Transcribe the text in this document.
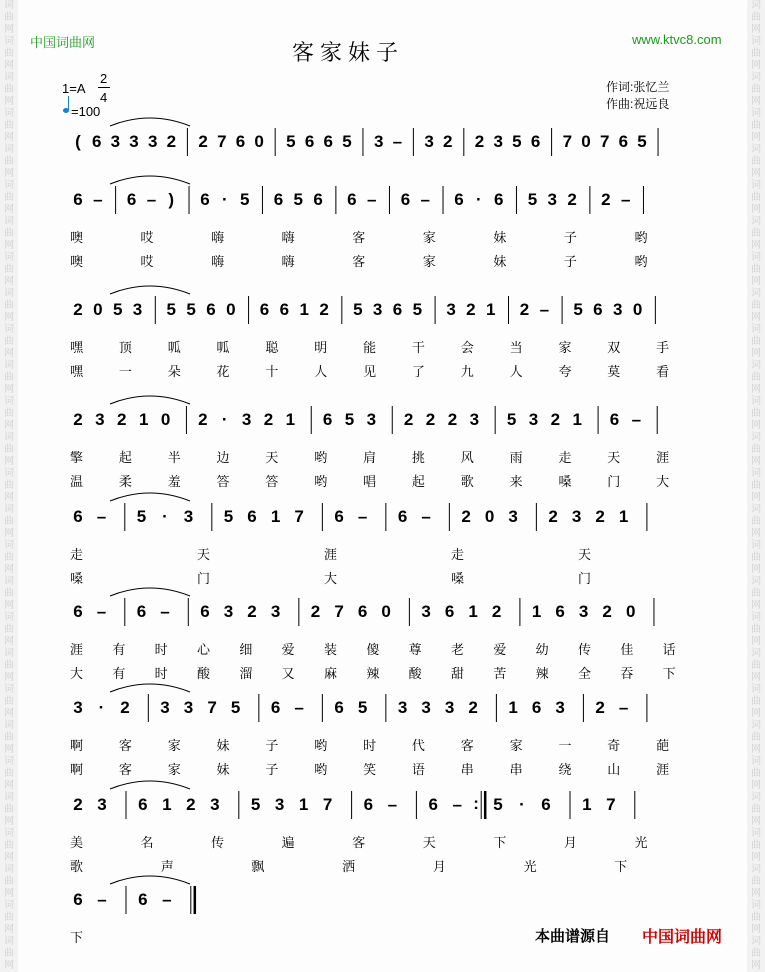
词
曲
网
词
曲
网
词
曲
网
词
曲
网
词
曲
网
词
曲
网
词
曲
网
词
曲
网
词
曲
网
词
曲
网
词
曲
网
词
曲
网
词
曲
网
词
曲
网
词
曲
网
词
曲
网
词
曲
网
词
曲
网
词
曲
网
词
曲
网
词
曲
网
词
曲
网
词
曲
网
词
曲
网
词
曲
网
词
曲
网
词
曲
网
词
曲
网
词
曲
网
词
曲
网
词
曲
网
词
曲
网
词
曲
网
词
曲
网
词
曲
网
词
曲
网
词
曲
网
词
曲
网
词
曲
网
词
曲
网
词
曲
网
词
曲
网
词
曲
网
词
曲
网
词
曲
网
词
曲
网
词
曲
网
词
曲
网
词
曲
网
词
曲
网
词
曲
网
词
曲
网
词
曲
网
词
曲
网
中国词曲网	www.ktvc8.com
客家妹子
1=A
2
4
=100
作词:张忆兰
作曲:祝远良
( 6 3 3 3 2 2 7 6 0 5 6 6 5 3 – 3 2 2 3 5 6 7 0 7 6 5
6 – 6 – )	6 · 5 6 5 6 6 – 6 – 6 · 6 5 3 2 2 –
噢	哎	嗨	嗨	客	家	妹	子	哟
噢	哎	嗨	嗨	客	家	妹	子	哟
2 0 5 3 5 5 6 0 6 6 1 2 5 3 6 5 3 2 1 2 – 5 6 3 0
嘿	顶	呱	呱	聪	明	能	干	会	当	家	双	手
嘿	一	朵	花	十	人	见	了	九	人	夸	莫	看
2 3 2 1 0 2 · 3 2 1 6 5 3 2 2 2 3 5 3 2 1 6 –
擎	起	半	边	天	哟	肩	挑	风	雨	走	天	涯
温	柔	羞	答	答	哟	唱	起	歌	来	嗓	门	大
6 – 5 · 3 5 6 1 7 6 – 6 – 2 0 3 2 3 2 1
走	天	涯	走	天
嗓	门	大	嗓	门
6 – 6 – 6 3 2 3 2 7 6 0 3 6 1 2 1 6 3 2 0
涯 有 时 心 细 爱 装 傻 尊 老 爱 幼 传 佳 话
大 有 时 酸 溜 又 麻 辣 酸 甜 苦 辣 全 吞 下
3 · 2 3 3 7 5 6 – 6 5 3 3 3 2 1 6 3 2 –
啊	客	家	妹	子	哟	时	代	客	家	一	奇	葩
啊	客	家	妹	子	哟	笑	语	串	串	绕	山	涯
2 3 6 1 2 3 5 3 1 7 6 – 6 – : 5 · 6 1 7
美	名	传	遍	客	天	下	月	光
歌	声	飘	洒	月	光	下
6 – 6 –
下	本曲谱源自 中国词曲网
